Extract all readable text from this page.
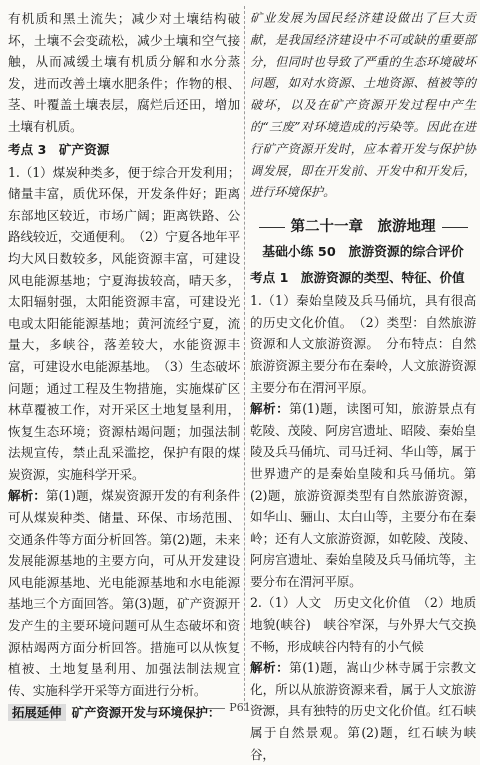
有机质和黑土流失；减少对土壤结构破坏，土壤不会变疏松，减少土壤和空气接触，从而减缓土壤有机质分解和水分蒸发，进而改善土壤水肥条件；作物的根、茎、叶覆盖土壤表层，腐烂后还田，增加土壤有机质。

考点 3　矿产资源

1.（1）煤炭种类多，便于综合开发利用；储量丰富，质优环保，开发条件好；距离东部地区较近，市场广阔；距离铁路、公路线较近，交通便利。　（2）宁夏各地年平均大风日数较多，风能资源丰富，可建设风电能源基地；宁夏海拔较高，晴天多，太阳辐射强，太阳能资源丰富，可建设光电或太阳能能源基地；黄河流经宁夏，流量大，多峡谷，落差较大，水能资源丰富，可建设水电能源基地。　（3）生态破坏问题；通过工程及生物措施，实施煤矿区林草覆被工作，对开采区土地复垦利用，恢复生态环境；资源枯竭问题；加强法制法规宣传，禁止乱采滥挖，保护有限的煤炭资源，实施科学开采。

解析：第(1)题，煤炭资源开发的有利条件可从煤炭种类、储量、环保、市场范围、交通条件等方面分析回答。第(2)题，未来发展能源基地的主要方向，可从开发建设风电能源基地、光电能源基地和水电能源基地三个方面回答。第(3)题，矿产资源开发产生的主要环境问题可从生态破坏和资源枯竭两方面分析回答。措施可以从恢复植被、土地复垦利用、加强法制法规宣传、实施科学开采等方面进行分析。

拓展延伸 矿产资源开发与环境保护：

矿业发展为国民经济建设做出了巨大贡献，是我国经济建设中不可或缺的重要部分，但同时也导致了严重的生态环境破坏问题，如对水资源、土地资源、植被等的破坏，以及在矿产资源开发过程中产生的“三废”对环境造成的污染等。因此在进行矿产资源开发时，应本着开发与保护协调发展，即在开发前、开发中和开发后，进行环境保护。

第二十一章　旅游地理
基础小练 50　旅游资源的综合评价
考点 1　旅游资源的类型、特征、价值

1.（1）秦始皇陵及兵马俑坑，具有很高的历史文化价值。　（2）类型：自然旅游资源和人文旅游资源。　分布特点：自然旅游资源主要分布在秦岭，人文旅游资源主要分布在渭河平原。

解析：第(1)题，读图可知，旅游景点有乾陵、茂陵、阿房宫遗址、昭陵、秦始皇陵及兵马俑坑、司马迁祠、华山等，属于世界遗产的是秦始皇陵和兵马俑坑。第(2)题，旅游资源类型有自然旅游资源，如华山、骊山、太白山等，主要分布在秦岭；还有人文旅游资源，如乾陵、茂陵、阿房宫遗址、秦始皇陵及兵马俑坑等，主要分布在渭河平原。

2.（1）人文　历史文化价值　（2）地质地貌(峡谷)　峡谷窄深，与外界大气交换不畅，形成峡谷内特有的小气候

解析：第(1)题，嵩山少林寺属于宗教文化，所以从旅游资源来看，属于人文旅游资源，具有独特的历史文化价值。红石峡属于自然景观。第(2)题，红石峡为峡谷，

P61
